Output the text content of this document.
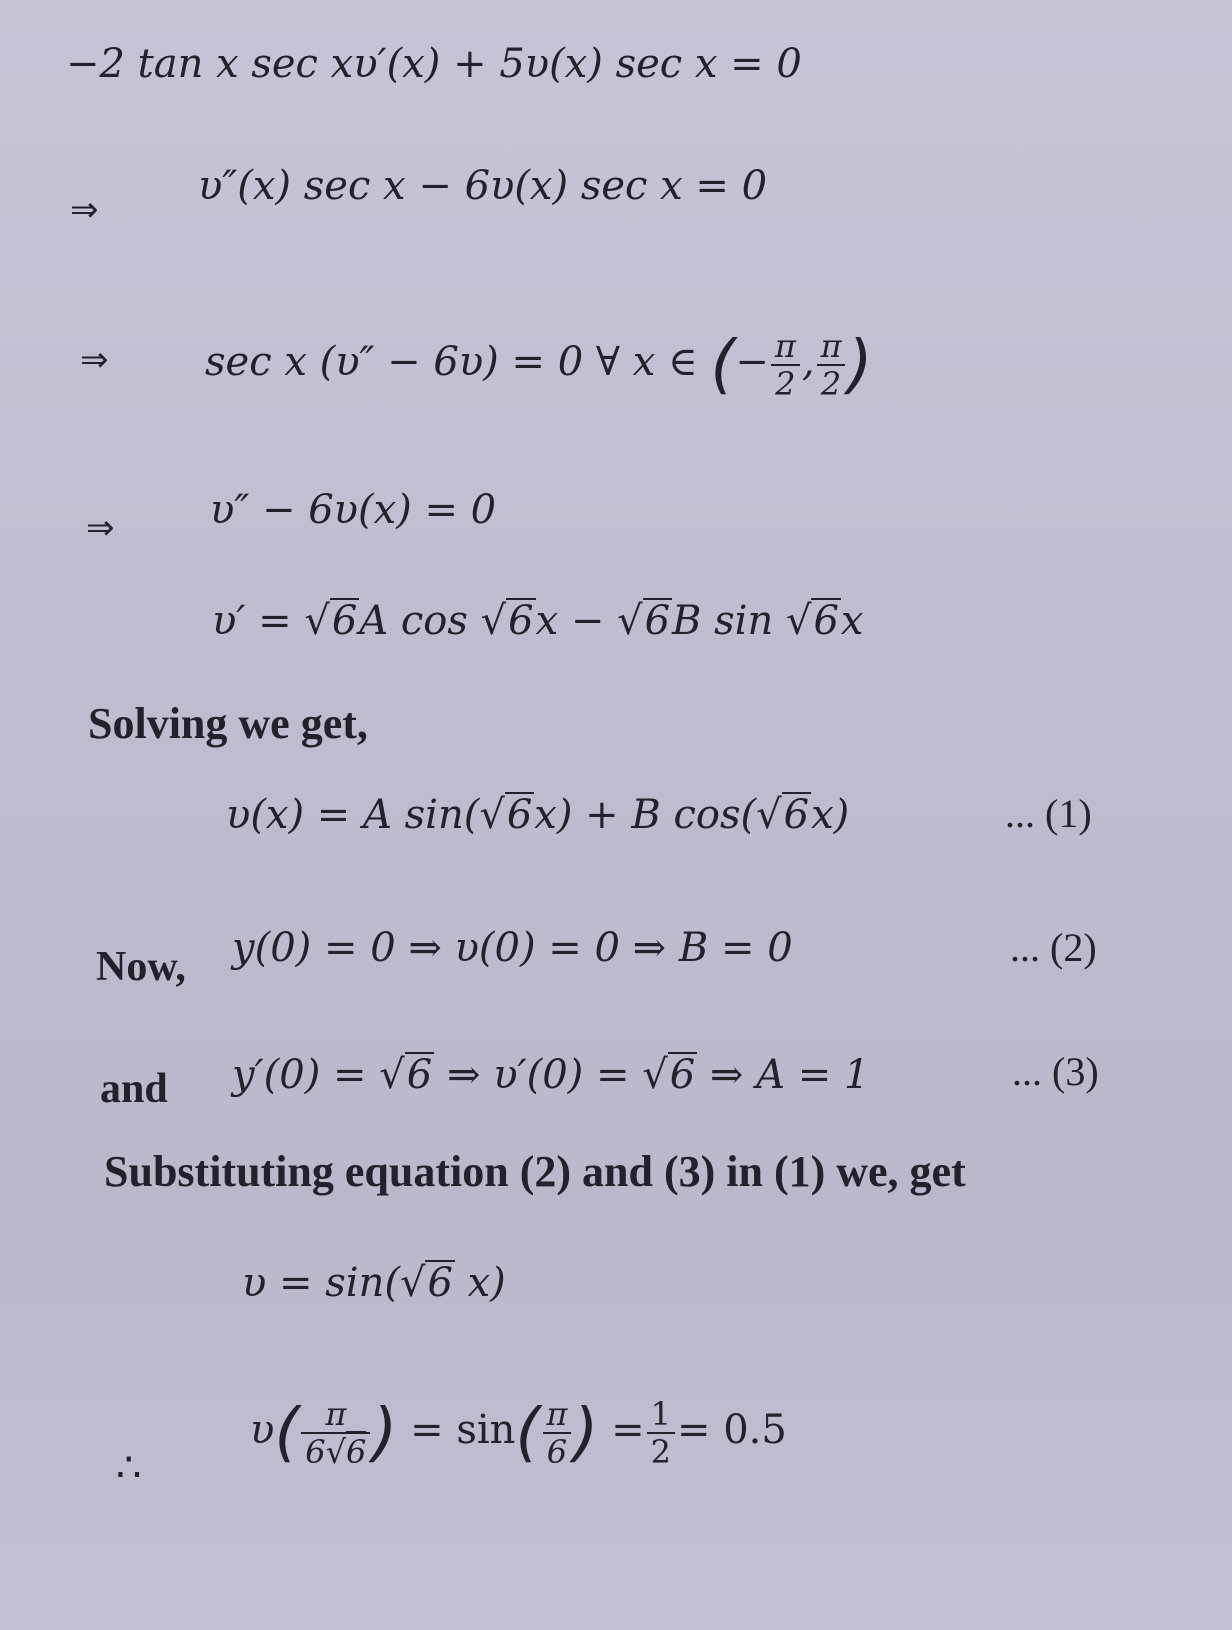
−2 tan x sec xυ′(x) + 5υ(x) sec x = 0
⇒
υ″(x) sec x − 6υ(x) sec x = 0
⇒ sec x (υ″ − 6υ) = 0 ∀ x ∈ (− $\frac{\pi}{2}$ , $\frac{\pi}{2}$ )
⇒ υ″ − 6υ(x) = 0
υ′ = √6A cos √6x − √6B sin √6x
Solving we get,
υ(x) = A sin(√6x) + B cos(√6x)	... (1)
Now, y(0) = 0 ⇒ υ(0) = 0 ⇒ B = 0	... (2)
and y′(0) = √6 ⇒ υ′(0) = √6 ⇒ A = 1	... (3)
Substituting equation (2) and (3) in (1) we, get
υ = sin(√6 x)
∴
$\upsilon( \frac{\pi}{6√6}$ ) = $\sin( \frac{\pi}{6}$ ) = $\frac{1}{2} = 0.5$
